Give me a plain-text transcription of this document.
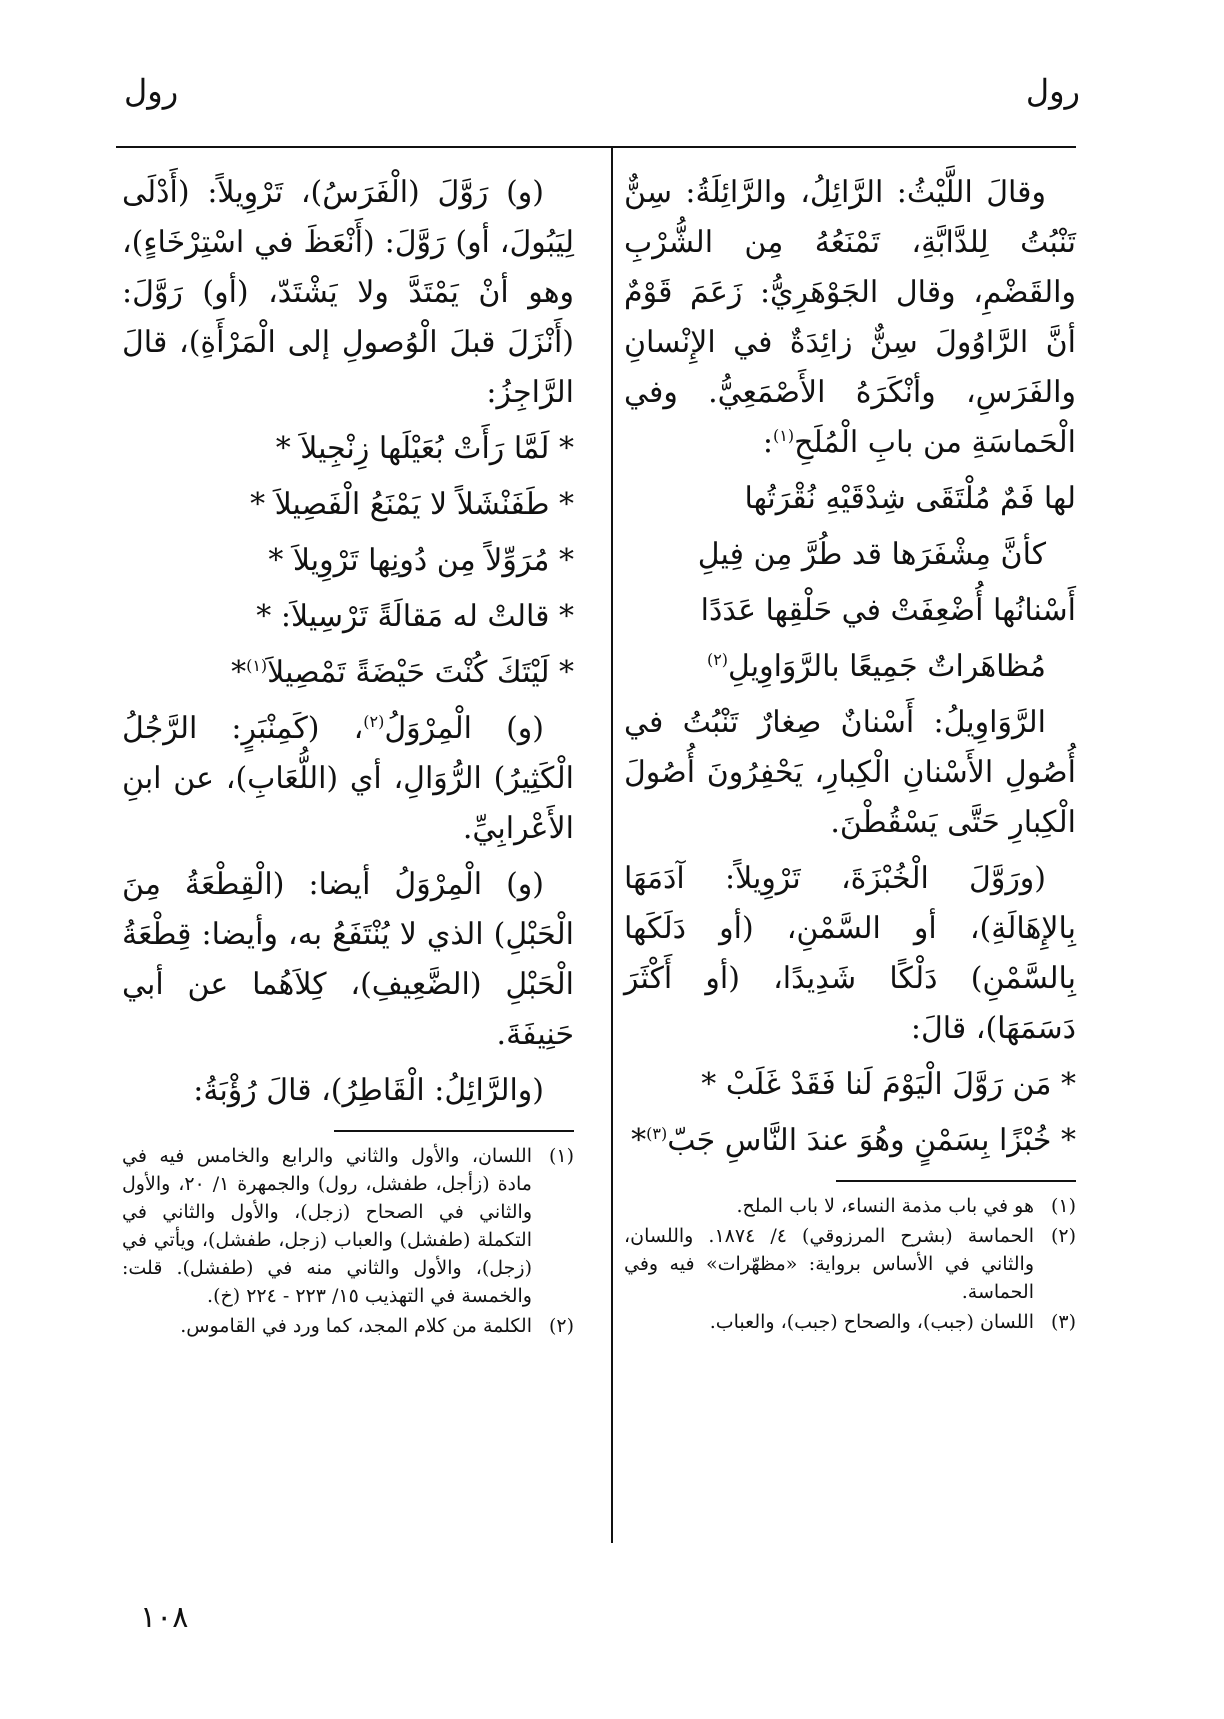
رول
رول

وقالَ اللَّيْثُ: الرَّائِلُ، والرَّائِلَةُ: سِنٌّ تَنْبُتُ لِلدَّابَّةِ، تَمْنَعُهُ مِن الشُّرْبِ والقَضْمِ، وقال الجَوْهَرِيُّ: زَعَمَ قَوْمٌ أنَّ الرَّاوُولَ سِنٌّ زائِدَةٌ في الإِنْسانِ والفَرَسِ، وأنْكَرَهُ الأَصْمَعِيُّ. وفي الْحَماسَةِ من بابِ الْمُلَحِ$^{(١)}$:

لها فَمٌ مُلْتَقَى شِدْقَيْهِ نُقْرَتُها

كأنَّ مِشْفَرَها قد طُرَّ مِن فِيلِ

أَسْنانُها أُضْعِفَتْ في حَلْقِها عَدَدًا

مُظاهَراتٌ جَمِيعًا بالرَّوَاوِيلِ$^{(٢)}$

الرَّوَاوِيلُ: أَسْنانٌ صِغارٌ تَنْبُتُ في أُصُولِ الأَسْنانِ الْكِبارِ، يَحْفِرُونَ أُصُولَ الْكِبارِ حَتَّى يَسْقُطْنَ.

(ورَوَّلَ الْخُبْزَةَ، تَرْوِيلاً: آدَمَهَا بِالإِهَالَةِ)، أو السَّمْنِ، (أو دَلَكَها بِالسَّمْنِ) دَلْكًا شَدِيدًا، (أو أَكْثَرَ دَسَمَهَا)، قالَ:

* مَن رَوَّلَ الْيَوْمَ لَنا فَقَدْ غَلَبْ *

* خُبْزًا بِسَمْنٍ وهُوَ عندَ النَّاسِ جَبّ$^{(٣)}$*

(١)
هو في باب مذمة النساء، لا باب الملح.
(٢)
الحماسة (بشرح المرزوقي) ٤/ ١٨٧٤. واللسان، والثاني في الأساس برواية: «مظهّرات» فيه وفي الحماسة.
(٣)
اللسان (جبب)، والصحاح (جبب)، والعباب.

(و) رَوَّلَ (الْفَرَسُ)، تَرْوِيلاً: (أَدْلَى لِيَبُولَ، أو) رَوَّلَ: (أَنْعَظَ في اسْتِرْخَاءٍ)، وهو أنْ يَمْتَدَّ ولا يَشْتَدّ، (أو) رَوَّلَ: (أَنْزَلَ قبلَ الْوُصولِ إلى الْمَرْأَةِ)، قالَ الرَّاجِزُ:

* لَمَّا رَأَتْ بُعَيْلَها زِنْجِيلاَ *

* طَفَنْشَلاً لا يَمْنَعُ الْفَصِيلاَ *

* مُرَوِّلاً مِن دُونِها تَرْوِيلاَ *

* قالتْ له مَقالَةً تَرْسِيلاَ: *

* لَيْتَكَ كُنْتَ حَيْضَةً تَمْصِيلاَ$^{(١)}$*

(و) الْمِرْوَلُ$^{(٢)}$، (كَمِنْبَرٍ: الرَّجُلُ الْكَثِيرُ) الرُّوَالِ، أي (اللُّعَابِ)، عن ابنِ الأَعْرابِيِّ.

(و) الْمِرْوَلُ أيضا: (الْقِطْعَةُ مِنَ الْحَبْلِ) الذي لا يُنْتَفَعُ به، وأيضا: قِطْعَةُ الْحَبْلِ (الضَّعِيفِ)، كِلاَهُما عن أبي حَنِيفَةَ.

(والرَّائِلُ: الْقَاطِرُ)، قالَ رُؤْبَةُ:

(١)
اللسان، والأول والثاني والرابع والخامس فيه في مادة (زأجل، طفشل، رول) والجمهرة ١/ ٢٠، والأول والثاني في الصحاح (زجل)، والأول والثاني في التكملة (طفشل) والعباب (زجل، طفشل)، ويأتي في (زجل)، والأول والثاني منه في (طفشل). قلت: والخمسة في التهذيب ١٥/ ٢٢٣ - ٢٢٤ (خ).
(٢)
الكلمة من كلام المجد، كما ورد في القاموس.
١٠٨
